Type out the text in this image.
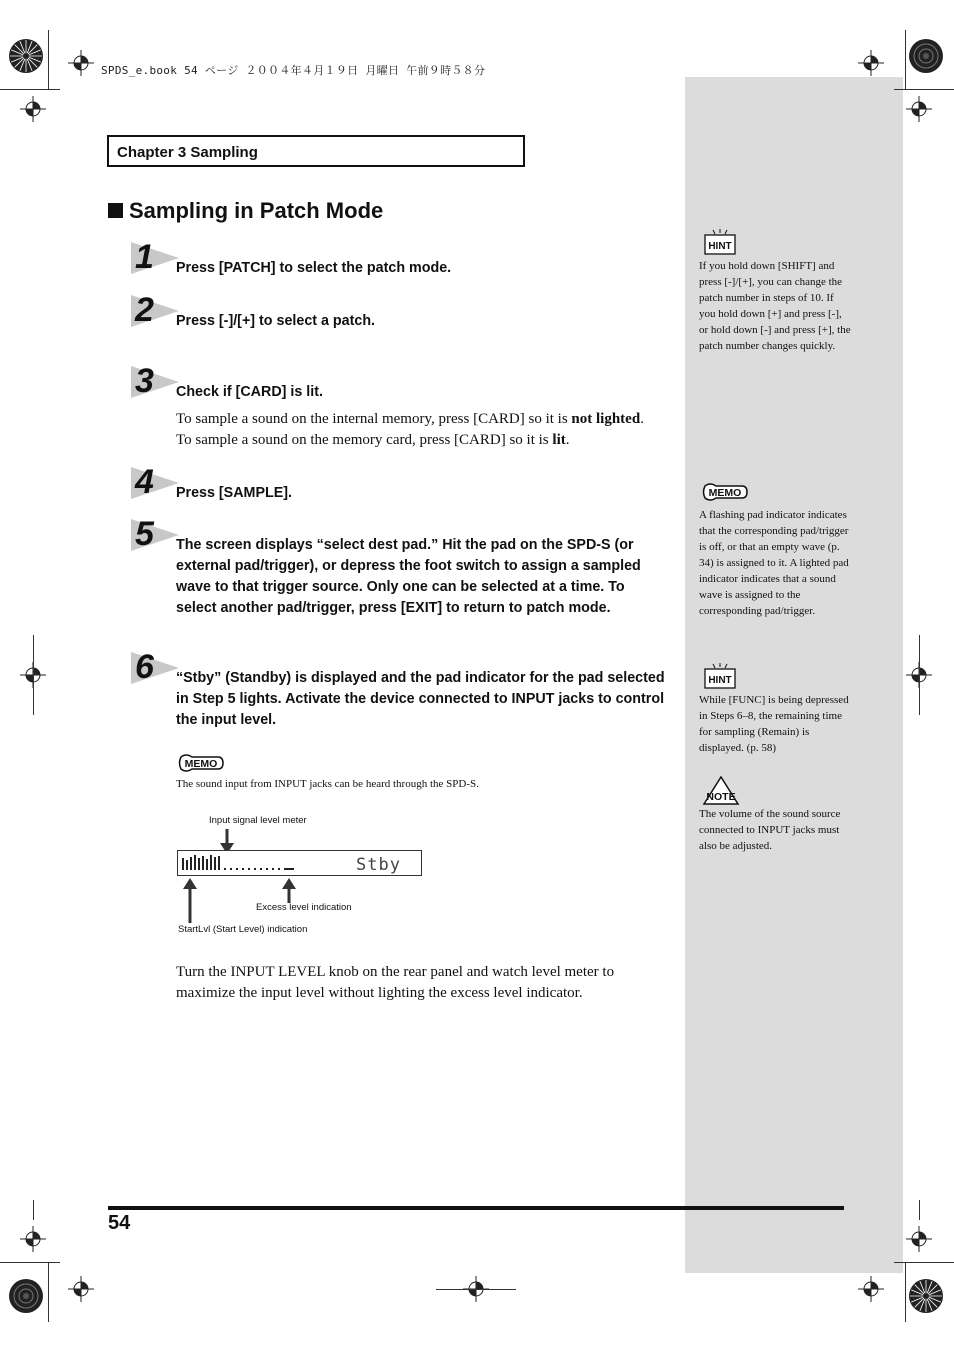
SPDS_e.book 54 ページ ２００４年４月１９日 月曜日 午前９時５８分
Chapter 3 Sampling
Sampling in Patch Mode
1 Press [PATCH] to select the patch mode.
2 Press [-]/[+] to select a patch.
3 Check if [CARD] is lit.
To sample a sound on the internal memory, press [CARD] so it is not lighted.
To sample a sound on the memory card, press [CARD] so it is lit.
4 Press [SAMPLE].
5 The screen displays “select dest pad.” Hit the pad on the SPD-S (or external pad/trigger), or depress the foot switch to assign a sampled wave to that trigger source. Only one can be selected at a time. To select another pad/trigger, press [EXIT] to return to patch mode.
6 “Stby” (Standby) is displayed and the pad indicator for the pad selected in Step 5 lights. Activate the device connected to INPUT jacks to control the input level.
MEMO
The sound input from INPUT jacks can be heard through the SPD-S.
Input signal level meter
Stby
Excess level indication
StartLvl (Start Level) indication
Turn the INPUT LEVEL knob on the rear panel and watch level meter to maximize the input level without lighting the excess level indicator.
HINT
If you hold down [SHIFT] and press [-]/[+], you can change the patch number in steps of 10. If you hold down [+] and press [-], or hold down [-] and press [+], the patch number changes quickly.
MEMO
A flashing pad indicator indicates that the corresponding pad/trigger is off, or that an empty wave (p. 34) is assigned to it. A lighted pad indicator indicates that a sound wave is assigned to the corresponding pad/trigger.
HINT
While [FUNC] is being depressed in Steps 6–8, the remaining time for sampling (Remain) is displayed. (p. 58)
NOTE
The volume of the sound source connected to INPUT jacks must also be adjusted.
54
